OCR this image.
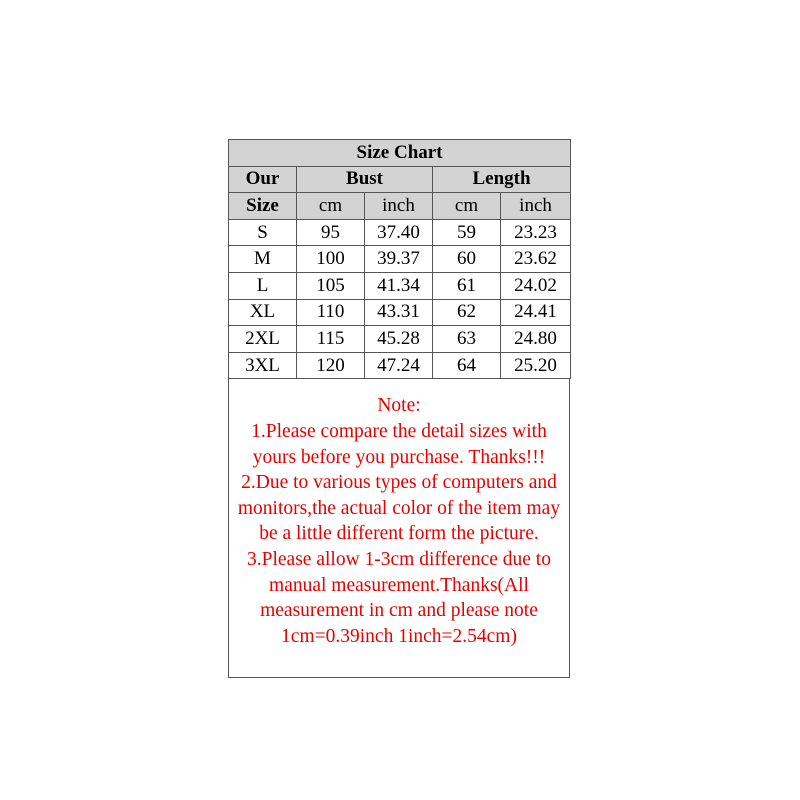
Size Chart				
Our	Bust		Length	
Size	cm	inch	cm	inch
S	95	37.40	59	23.23
M	100	39.37	60	23.62
L	105	41.34	61	24.02
XL	110	43.31	62	24.41
2XL	115	45.28	63	24.80
3XL	120	47.24	64	25.20
Note:
1.Please compare the detail sizes with
yours before you purchase. Thanks!!!
2.Due to various types of computers and
monitors,the actual color of the item may
be a little different form the picture.
3.Please allow 1-3cm difference due to
manual measurement.Thanks(All
measurement in cm and please note
1cm=0.39inch 1inch=2.54cm)
